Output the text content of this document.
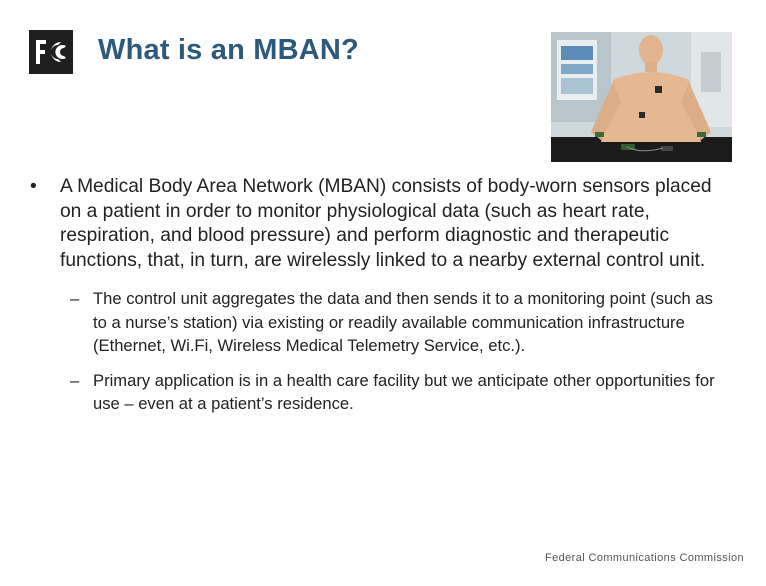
What is an MBAN?
• A Medical Body Area Network (MBAN) consists of body-worn sensors placed on a patient in order to monitor physiological data (such as heart rate, respiration, and blood pressure) and perform diagnostic and therapeutic functions, that, in turn, are wirelessly linked to a nearby external control unit.
– The control unit aggregates the data and then sends it to a monitoring point (such as to a nurse’s station) via existing or readily available communication infrastructure (Ethernet, Wi.Fi, Wireless Medical Telemetry Service, etc.).
– Primary application is in a health care facility but we anticipate other opportunities for use – even at a patient’s residence.
Federal Communications Commission
